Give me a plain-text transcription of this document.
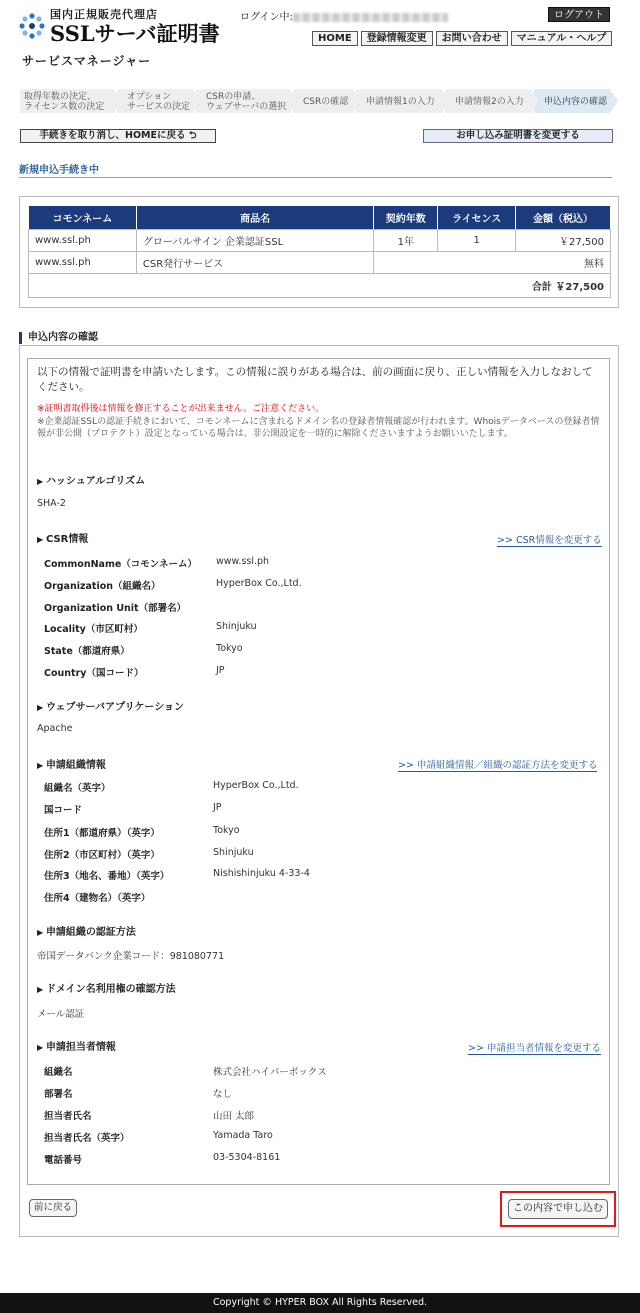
国内正規販売代理店
SSLサーバ証明書
ログイン中:	ログアウト
HOME	登録情報変更	お問い合わせ	マニュアル・ヘルプ
サービスマネージャー
取得年数の決定、
ライセンス数の決定
オプション
サービスの決定
CSRの申請、
ウェブサーバの選択 CSRの確認 申請情報1の入力 申請情報2の入力 申込内容の確認
手続きを取り消し、HOMEに戻る ⮌	お申し込み証明書を変更する
新規申込手続き中
コモンネーム	商品名	契約年数	ライセンス	金額（税込）
www.ssl.ph	グローバルサイン 企業認証SSL	1年	1	￥27,500
www.ssl.ph	CSR発行サービス	無料		
合計 ￥27,500				
申込内容の確認
以下の情報で証明書を申請いたします。この情報に誤りがある場合は、前の画面に戻り、正しい情報を入力しなおしてください。
※証明書取得後は情報を修正することが出来ません。ご注意ください。
※企業認証SSLの認証手続きにおいて、コモンネームに含まれるドメイン名の登録者情報確認が行われます。Whoisデータベースの登録者情報が非公開（プロテクト）設定となっている場合は、非公開設定を一時的に解除くださいますようお願いいたします。
▶ ハッシュアルゴリズム
SHA-2
▶ CSR情報	>> CSR情報を変更する
CommonName（コモンネーム） www.ssl.ph
Organization（組織名）	HyperBox Co.,Ltd.
Organization Unit（部署名）
Locality（市区町村）	Shinjuku
State（都道府県）	Tokyo
Country（国コード）	JP
▶ ウェブサーバアプリケーション
Apache
▶ 申請組織情報	>> 申請組織情報／組織の認証方法を変更する
組織名（英字）	HyperBox Co.,Ltd.
国コード	JP
住所1（都道府県）（英字）	Tokyo
住所2（市区町村）（英字）	Shinjuku
住所3（地名、番地）（英字）	Nishishinjuku 4-33-4
住所4（建物名）（英字）
▶ 申請組織の認証方法
帝国データバンク企業コード：981080771
▶ ドメイン名利用権の確認方法
メール認証
▶ 申請担当者情報	>> 申請担当者情報を変更する
組織名	株式会社ハイパーボックス
部署名	なし
担当者氏名	山田 太郎
担当者氏名（英字）	Yamada Taro
電話番号	03-5304-8161
前に戻る	この内容で申し込む
Copyright © HYPER BOX All Rights Reserved.
